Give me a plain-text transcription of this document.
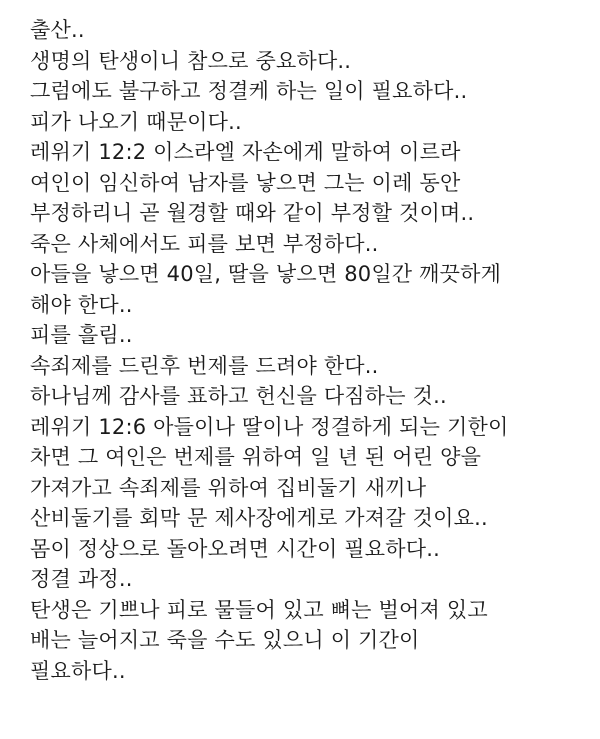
출산..
생명의 탄생이니 참으로 중요하다..
그럼에도 불구하고 정결케 하는 일이 필요하다..
피가 나오기 때문이다..
레위기 12:2 이스라엘 자손에게 말하여 이르라
여인이 임신하여 남자를 낳으면 그는 이레 동안
부정하리니 곧 월경할 때와 같이 부정할 것이며..
죽은 사체에서도 피를 보면 부정하다..
아들을 낳으면 40일, 딸을 낳으면 80일간 깨끗하게
해야 한다..
피를 흘림..
속죄제를 드린후 번제를 드려야 한다..
하나님께 감사를 표하고 헌신을 다짐하는 것..
레위기 12:6 아들이나 딸이나 정결하게 되는 기한이
차면 그 여인은 번제를 위하여 일 년 된 어린 양을
가져가고 속죄제를 위하여 집비둘기 새끼나
산비둘기를 회막 문 제사장에게로 가져갈 것이요..
몸이 정상으로 돌아오려면 시간이 필요하다..
정결 과정..
탄생은 기쁘나 피로 물들어 있고 뼈는 벌어져 있고
배는 늘어지고 죽을 수도 있으니 이 기간이
필요하다..
